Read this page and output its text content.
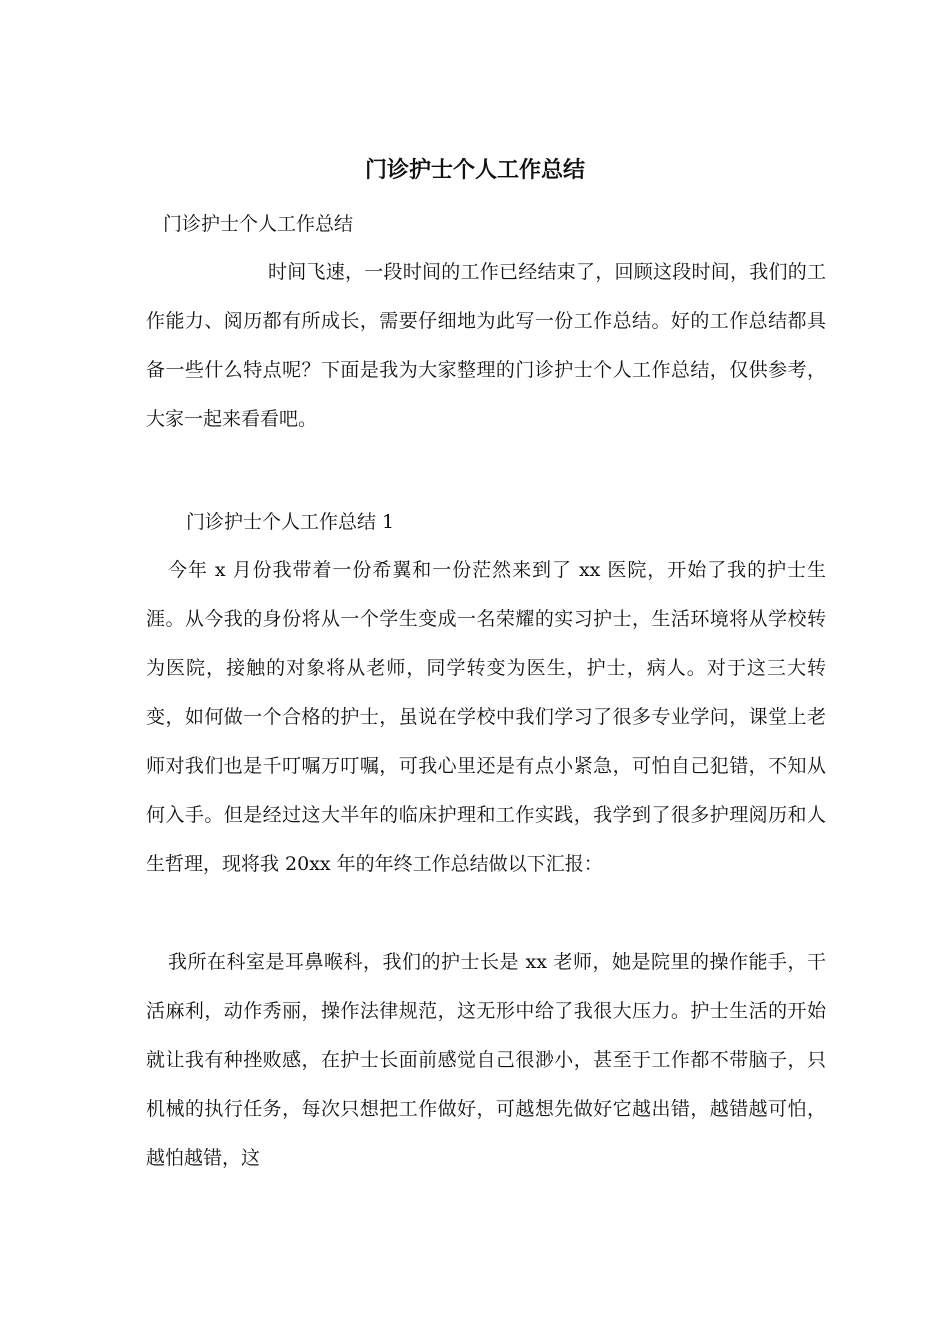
门诊护士个人工作总结
门诊护士个人工作总结

时间飞速，一段时间的工作已经结束了，回顾这段时间，我们的工作能力、阅历都有所成长，需要仔细地为此写一份工作总结。好的工作总结都具备一些什么特点呢？下面是我为大家整理的门诊护士个人工作总结，仅供参考，大家一起来看看吧。

门诊护士个人工作总结 1

今年 x 月份我带着一份希翼和一份茫然来到了 xx 医院，开始了我的护士生涯。从今我的身份将从一个学生变成一名荣耀的实习护士，生活环境将从学校转为医院，接触的对象将从老师，同学转变为医生，护士，病人。对于这三大转变，如何做一个合格的护士，虽说在学校中我们学习了很多专业学问，课堂上老师对我们也是千叮嘱万叮嘱，可我心里还是有点小紧急，可怕自己犯错，不知从何入手。但是经过这大半年的临床护理和工作实践，我学到了很多护理阅历和人生哲理，现将我 20xx 年的年终工作总结做以下汇报：

我所在科室是耳鼻喉科，我们的护士长是 xx 老师，她是院里的操作能手，干活麻利，动作秀丽，操作法律规范，这无形中给了我很大压力。护士生活的开始就让我有种挫败感，在护士长面前感觉自己很渺小，甚至于工作都不带脑子，只机械的执行任务，每次只想把工作做好，可越想先做好它越出错，越错越可怕，越怕越错，这
